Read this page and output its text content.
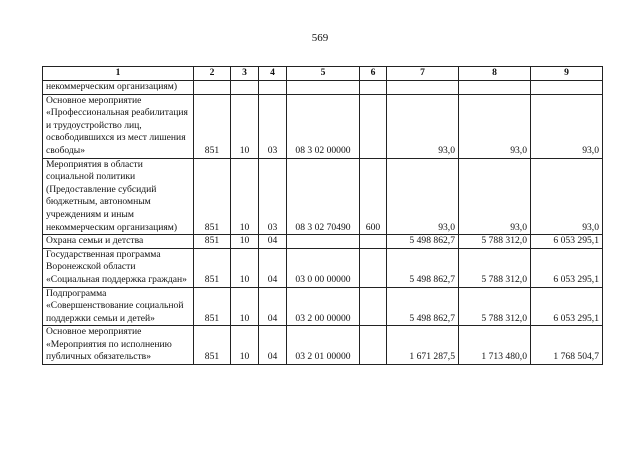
569
1	2	3	4	5	6	7	8	9
некоммерческим организациям)								
Основное мероприятие «Профессиональная реабилитация и трудоустройство лиц, освободившихся из мест лишения свободы»	851	10	03	08 3 02 00000		93,0	93,0	93,0
Мероприятия в области социальной политики (Предоставление субсидий бюджетным, автономным учреждениям и иным некоммерческим организациям)	851	10	03	08 3 02 70490	600	93,0	93,0	93,0
Охрана семьи и детства	851	10	04			5 498 862,7	5 788 312,0	6 053 295,1
Государственная программа Воронежской области «Социальная поддержка граждан»	851	10	04	03 0 00 00000		5 498 862,7	5 788 312,0	6 053 295,1
Подпрограмма «Совершенствование социальной поддержки семьи и детей»	851	10	04	03 2 00 00000		5 498 862,7	5 788 312,0	6 053 295,1
Основное мероприятие «Мероприятия по исполнению публичных обязательств»	851	10	04	03 2 01 00000		1 671 287,5	1 713 480,0	1 768 504,7
